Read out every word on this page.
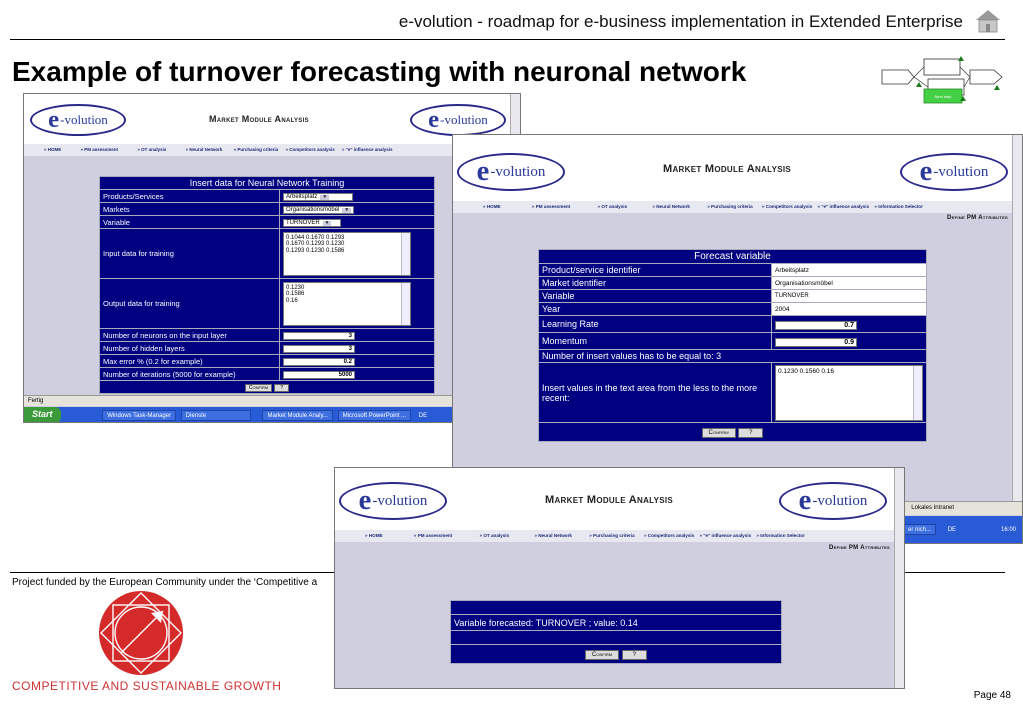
e-volution - roadmap for e-business implementation in Extended Enterprise
Example of turnover forecasting with neuronal network
Next step
Project funded by the European Community under the ‘Competitive a
COMPETITIVE AND SUSTAINABLE GROWTH
Page 48
e -volution	Market Module Analysis	e -volution
» HOME	» PM assessment	» OT analysis	» Neural Network	» Purchasing criteria » Competitors analysis » "e" influence analysis
Insert data for Neural Network Training	
Products/Services	Arbeitsplatz ▼
Markets	Organisationsmöbel ▼
Variable	TURNOVER ▼
Input data for training	0.1044 0.1670 0.1293
0.1670 0.1293 0.1230
0.1293 0.1230 0.1586

Output data for training	0.1230
0.1586
0.16

Number of neurons on the input layer	3
Number of hidden layers	3
Max error % (0.2 for example)	0.2
Number of iterations (5000 for example)	5000
Confirm ?	
Fertig
Start	Windows Task-Manager Dienste	Market Module Analy... Microsoft PowerPoint ... DE
e -volution	Market Module Analysis	e -volution
» HOME	» PM assessment	» OT analysis	» Neural Network	» Purchasing criteria » Competitors analysis » "e" influence analysis » Information Selector
Define PM Attributes
Forecast variable	
Product/service identifier	Arbeitsplatz
Market identifier	Organisationsmöbel
Variable	TURNOVER
Year	2004
Learning Rate	0.7
Momentum	0.9
Number of insert values has to be equal to: 3	
Insert values in the text area from the less to the more recent:	0.1230 0.1560 0.16

Confirm ?	
Lokales Intranet
er nich...	DE	16:00
e -volution	Market Module Analysis	e -volution
» HOME	» PM assessment	» OT analysis	» Neural Network	» Purchasing criteria » Competitors analysis » "e" influence analysis » Information Selector
Define PM Attributes

Variable forecasted: TURNOVER ; value: 0.14

Confirm	?
